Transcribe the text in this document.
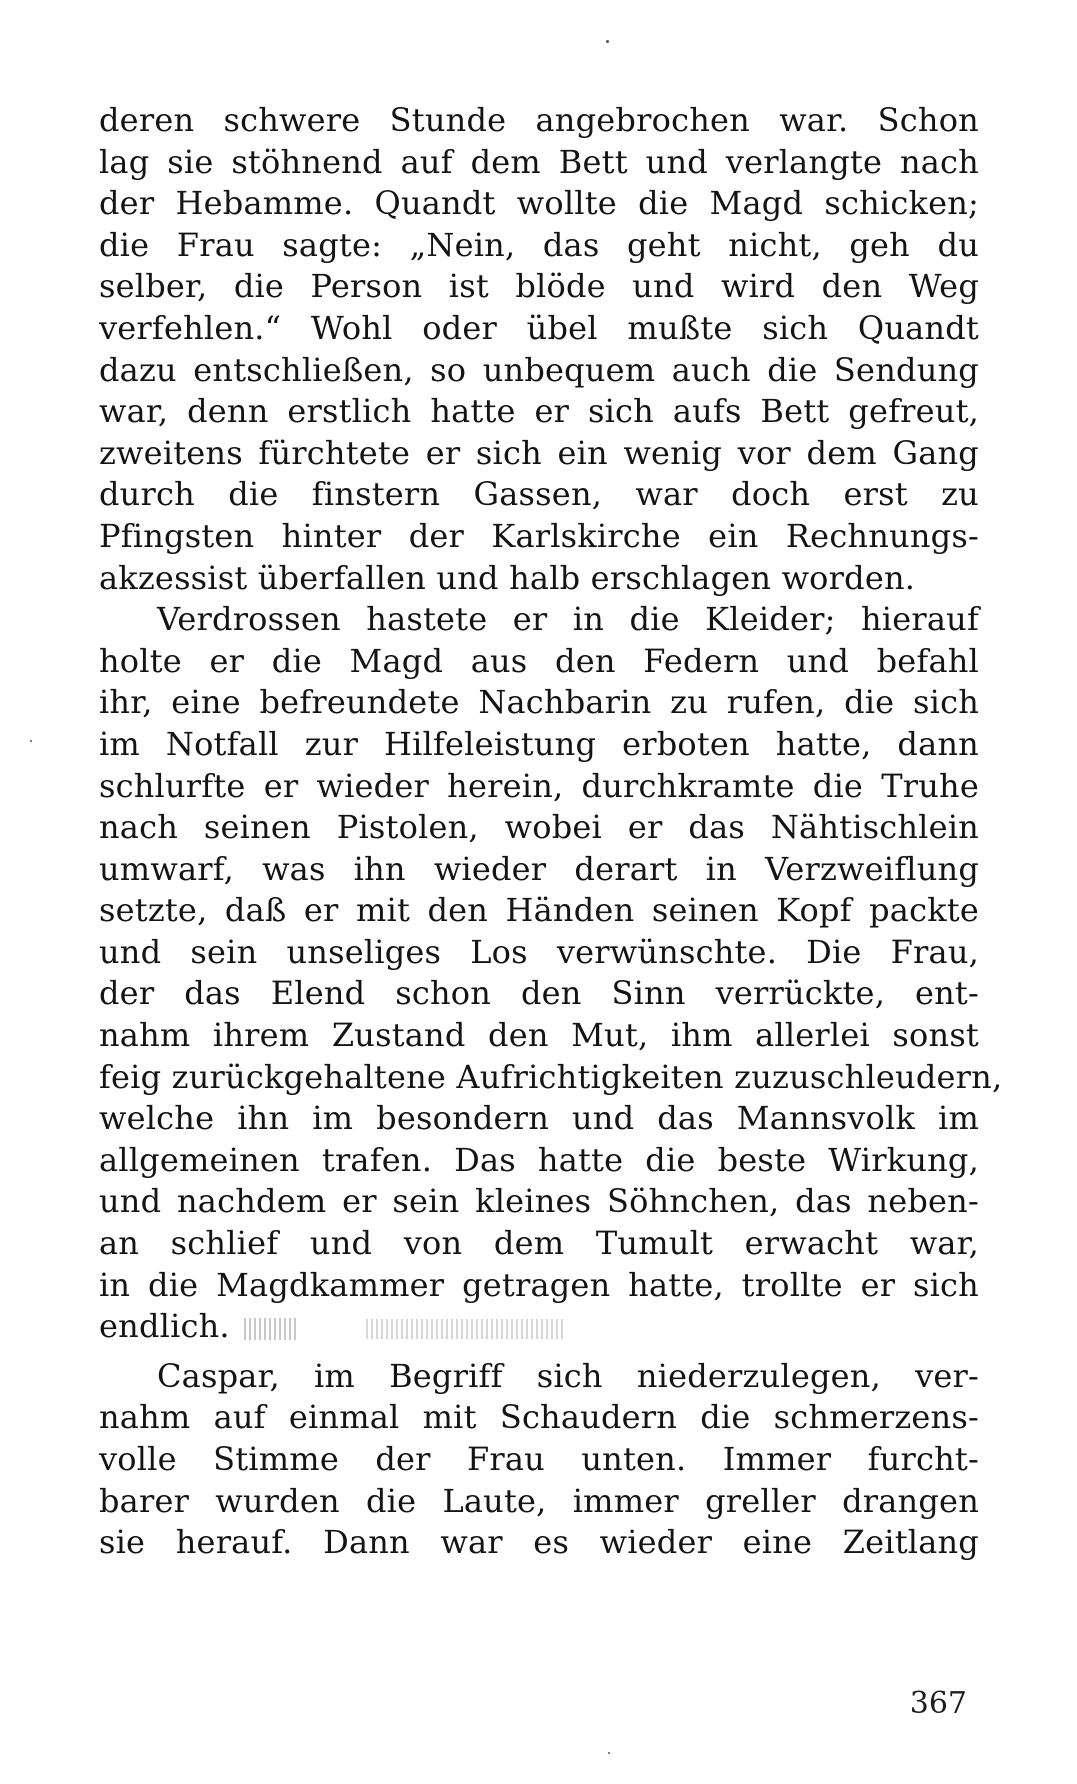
deren schwere Stunde angebrochen war. Schon
lag sie stöhnend auf dem Bett und verlangte nach
der Hebamme. Quandt wollte die Magd schicken;
die Frau sagte: „Nein, das geht nicht, geh du
selber, die Person ist blöde und wird den Weg
verfehlen.“ Wohl oder übel mußte sich Quandt
dazu entschließen, so unbequem auch die Sendung
war, denn erstlich hatte er sich aufs Bett gefreut,
zweitens fürchtete er sich ein wenig vor dem Gang
durch die finstern Gassen, war doch erst zu
Pfingsten hinter der Karlskirche ein Rechnungs-
akzessist überfallen und halb erschlagen worden.
Verdrossen hastete er in die Kleider; hierauf
holte er die Magd aus den Federn und befahl
ihr, eine befreundete Nachbarin zu rufen, die sich
im Notfall zur Hilfeleistung erboten hatte, dann
schlurfte er wieder herein, durchkramte die Truhe
nach seinen Pistolen, wobei er das Nähtischlein
umwarf, was ihn wieder derart in Verzweiflung
setzte, daß er mit den Händen seinen Kopf packte
und sein unseliges Los verwünschte. Die Frau,
der das Elend schon den Sinn verrückte, ent-
nahm ihrem Zustand den Mut, ihm allerlei sonst
feig zurückgehaltene Aufrichtigkeiten zuzuschleudern,
welche ihn im besondern und das Mannsvolk im
allgemeinen trafen. Das hatte die beste Wirkung,
und nachdem er sein kleines Söhnchen, das neben-
an schlief und von dem Tumult erwacht war,
in die Magdkammer getragen hatte, trollte er sich
endlich.
Caspar, im Begriff sich niederzulegen, ver-
nahm auf einmal mit Schaudern die schmerzens-
volle Stimme der Frau unten. Immer furcht-
barer wurden die Laute, immer greller drangen
sie herauf. Dann war es wieder eine Zeitlang
367
